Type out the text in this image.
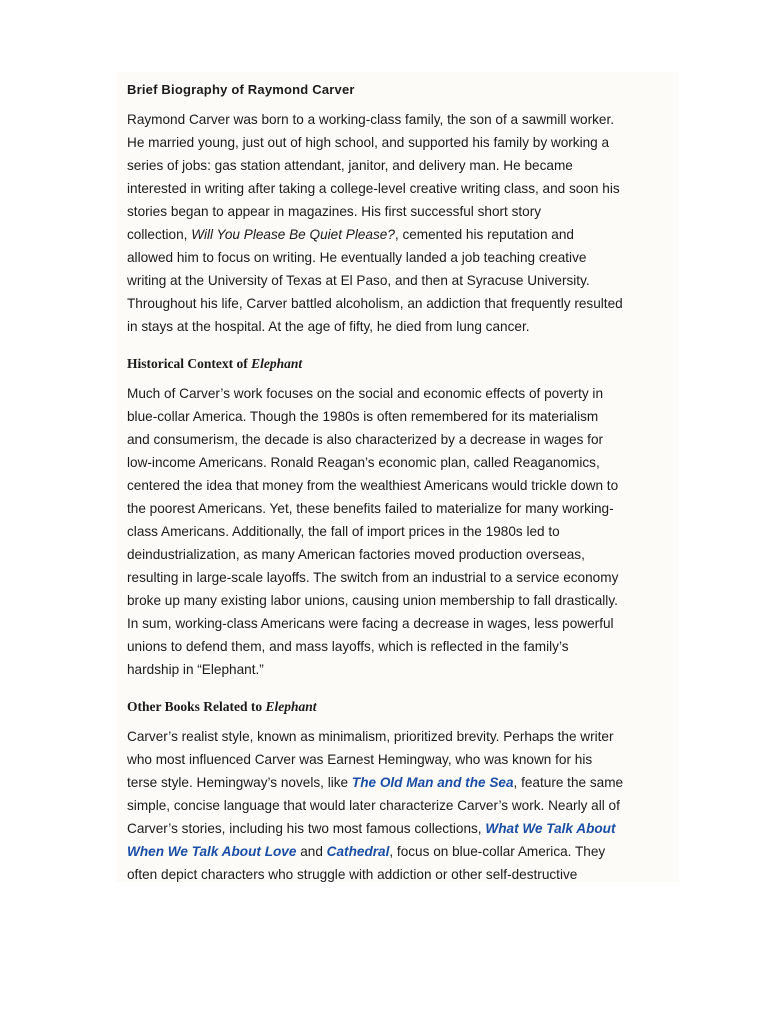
Brief Biography of Raymond Carver

Raymond Carver was born to a working-class family, the son of a sawmill worker.
He married young, just out of high school, and supported his family by working a
series of jobs: gas station attendant, janitor, and delivery man. He became
interested in writing after taking a college-level creative writing class, and soon his
stories began to appear in magazines. His first successful short story
collection, Will You Please Be Quiet Please?, cemented his reputation and
allowed him to focus on writing. He eventually landed a job teaching creative
writing at the University of Texas at El Paso, and then at Syracuse University.
Throughout his life, Carver battled alcoholism, an addiction that frequently resulted
in stays at the hospital. At the age of fifty, he died from lung cancer.

Historical Context of Elephant

Much of Carver’s work focuses on the social and economic effects of poverty in
blue-collar America. Though the 1980s is often remembered for its materialism
and consumerism, the decade is also characterized by a decrease in wages for
low-income Americans. Ronald Reagan’s economic plan, called Reaganomics,
centered the idea that money from the wealthiest Americans would trickle down to
the poorest Americans. Yet, these benefits failed to materialize for many working-
class Americans. Additionally, the fall of import prices in the 1980s led to
deindustrialization, as many American factories moved production overseas,
resulting in large-scale layoffs. The switch from an industrial to a service economy
broke up many existing labor unions, causing union membership to fall drastically.
In sum, working-class Americans were facing a decrease in wages, less powerful
unions to defend them, and mass layoffs, which is reflected in the family’s
hardship in “Elephant.”

Other Books Related to Elephant

Carver’s realist style, known as minimalism, prioritized brevity. Perhaps the writer
who most influenced Carver was Earnest Hemingway, who was known for his
terse style. Hemingway’s novels, like The Old Man and the Sea, feature the same
simple, concise language that would later characterize Carver’s work. Nearly all of
Carver’s stories, including his two most famous collections, What We Talk About
When We Talk About Love and Cathedral, focus on blue-collar America. They
often depict characters who struggle with addiction or other self-destructive
